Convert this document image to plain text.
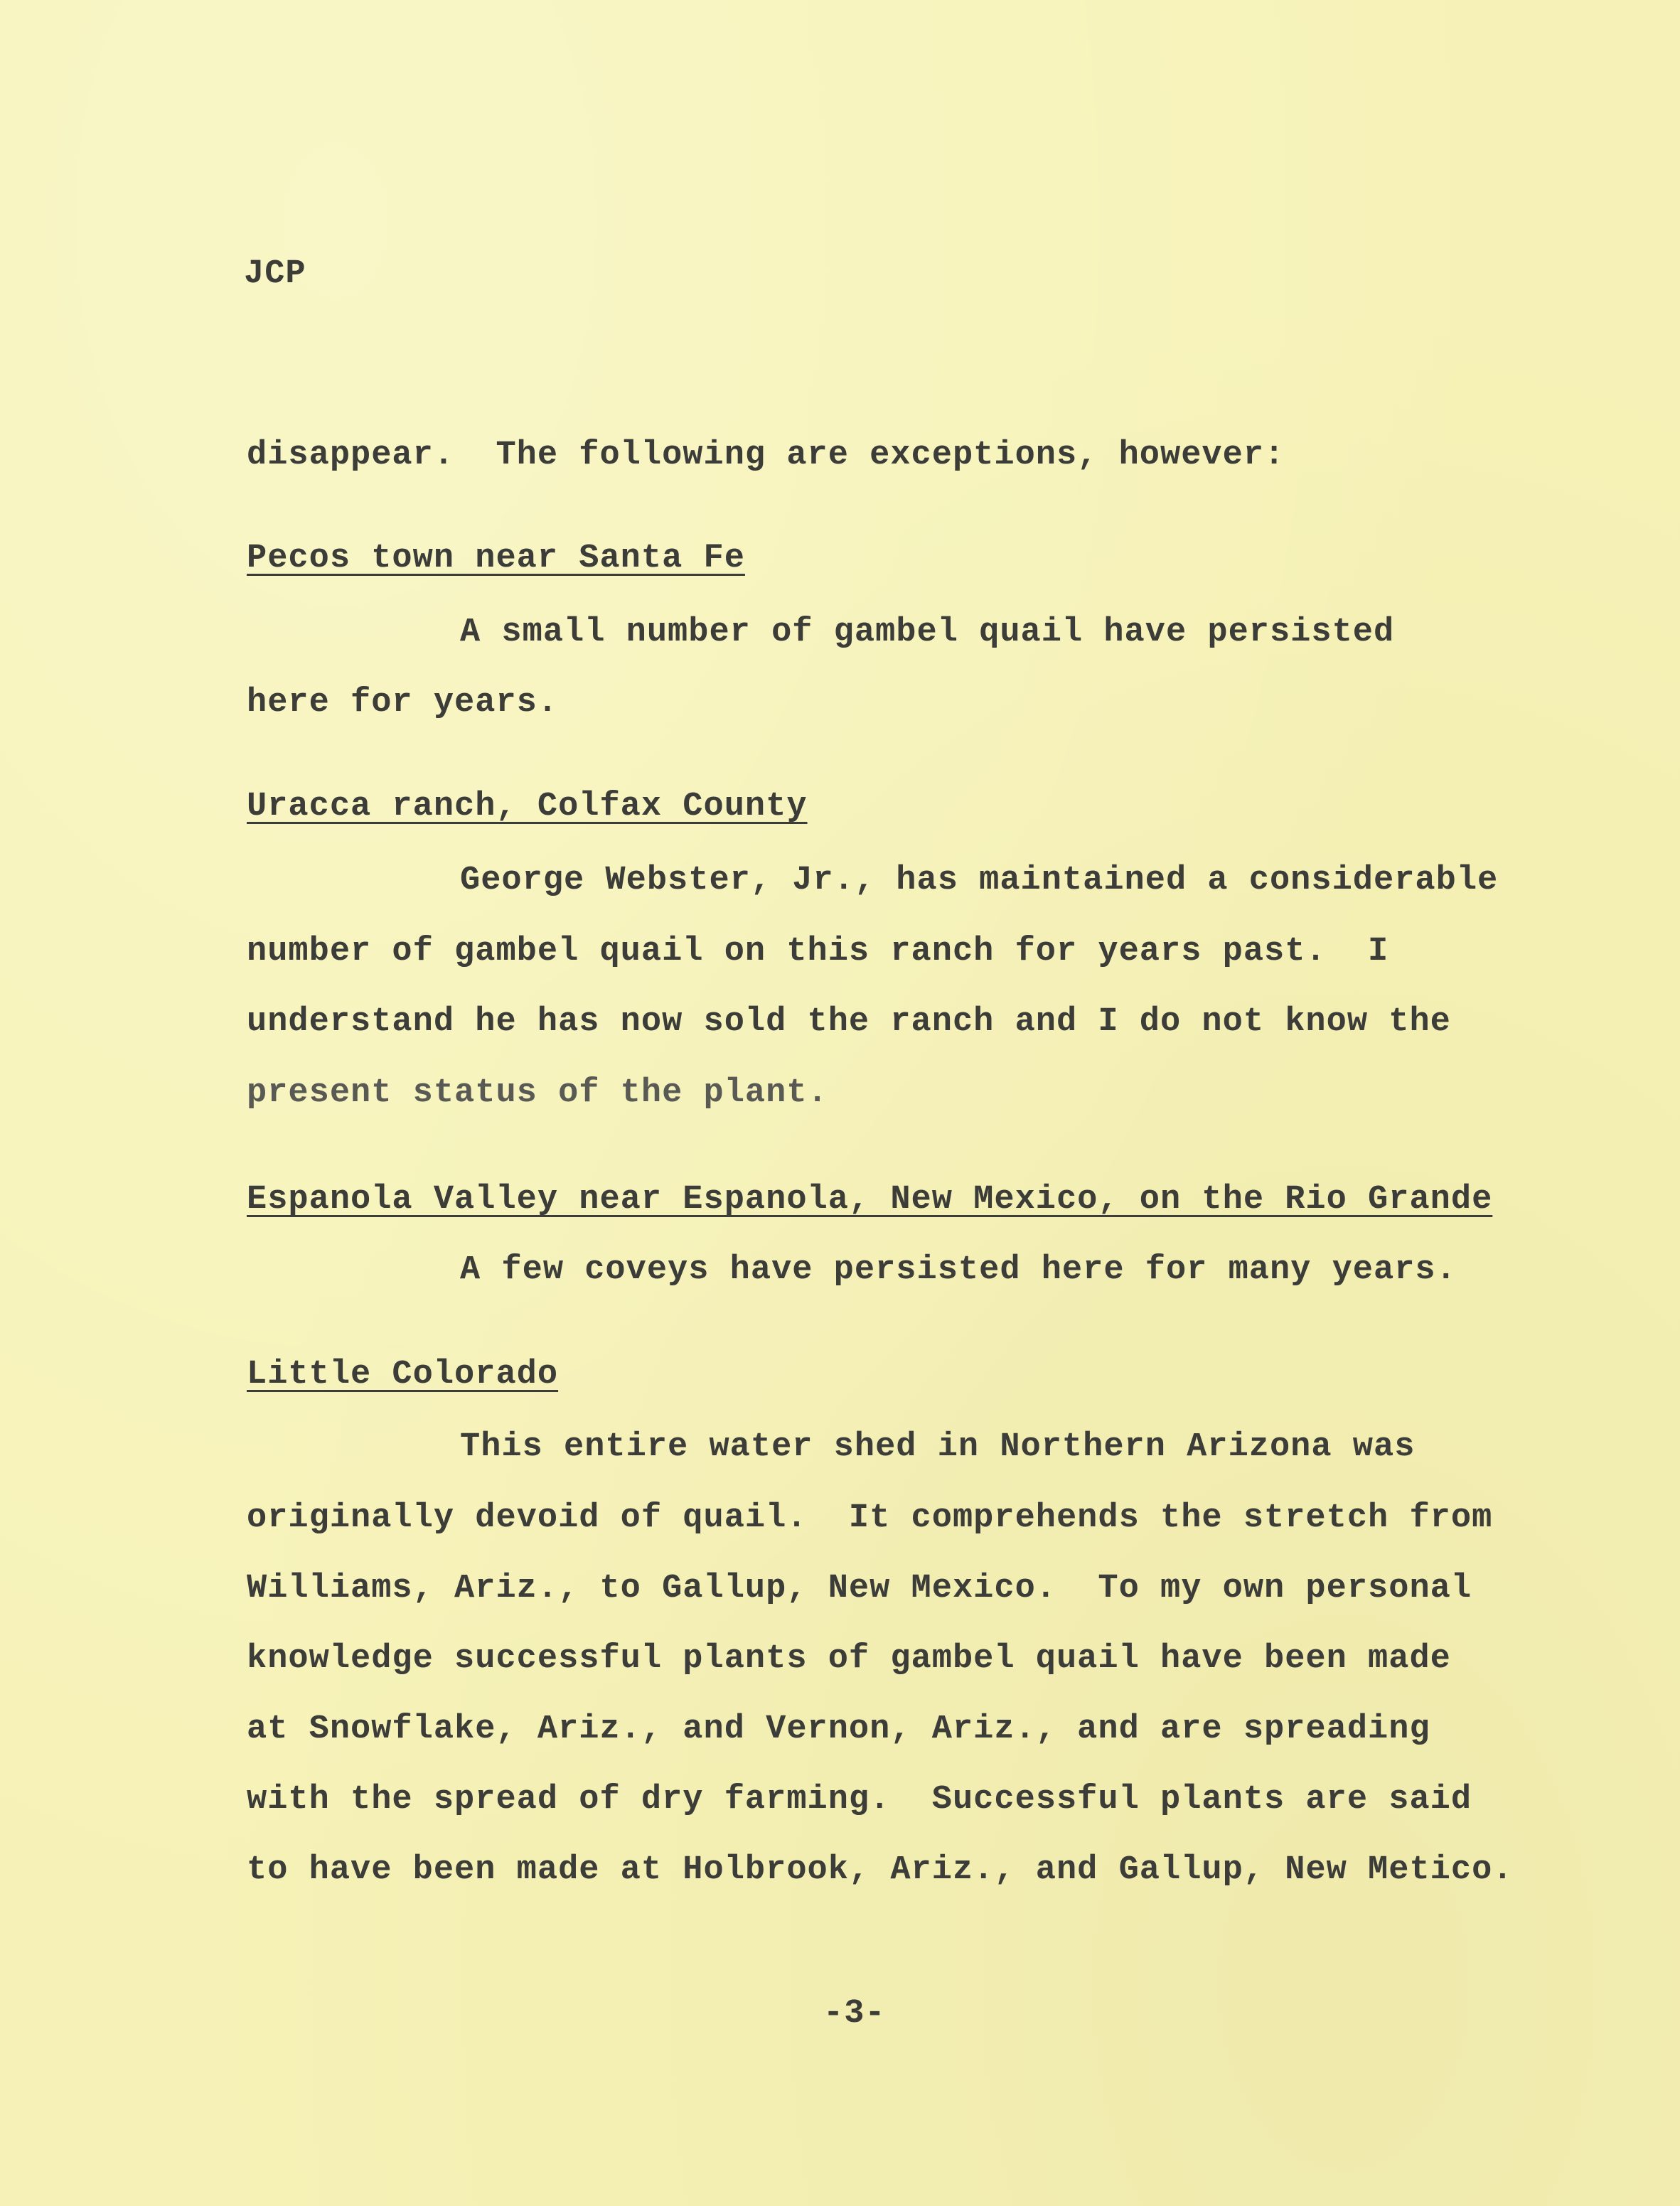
JCP
disappear.  The following are exceptions, however:
Pecos town near Santa Fe
A small number of gambel quail have persisted
here for years.
Uracca ranch, Colfax County
George Webster, Jr., has maintained a considerable
number of gambel quail on this ranch for years past.  I
understand he has now sold the ranch and I do not know the
present status of the plant.
Espanola Valley near Espanola, New Mexico, on the Rio Grande
A few coveys have persisted here for many years.
Little Colorado
This entire water shed in Northern Arizona was
originally devoid of quail.  It comprehends the stretch from
Williams, Ariz., to Gallup, New Mexico.  To my own personal
knowledge successful plants of gambel quail have been made
at Snowflake, Ariz., and Vernon, Ariz., and are spreading
with the spread of dry farming.  Successful plants are said
to have been made at Holbrook, Ariz., and Gallup, New Metico.
-3-
